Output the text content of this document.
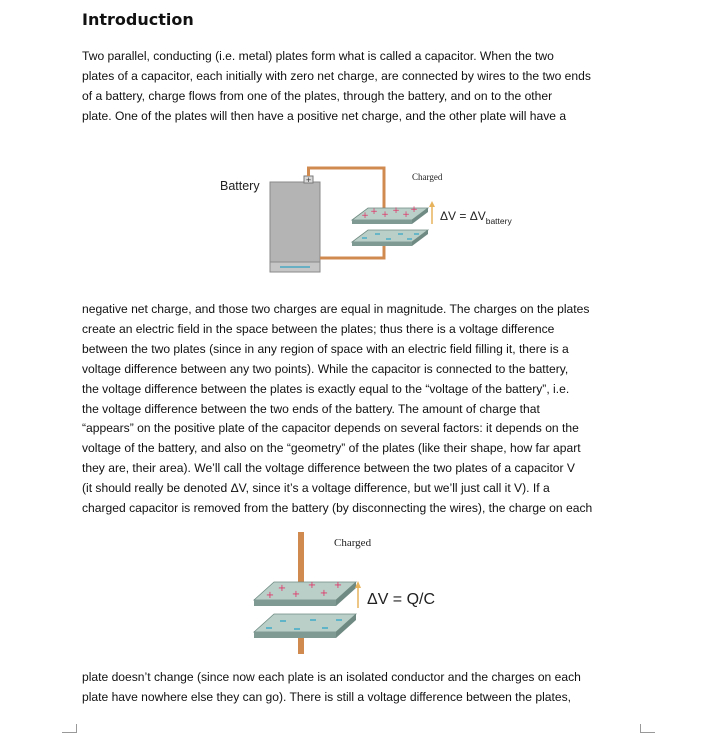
Introduction

Two parallel, conducting (i.e. metal) plates form what is called a capacitor. When the two
plates of a capacitor, each initially with zero net charge, are connected by wires to the two ends
of a battery, charge flows from one of the plates, through the battery, and on to the other
plate. One of the plates will then have a positive net charge, and the other plate will have a

Battery	+
+ + + + + +
Charged
$\Delta V = \Delta V_{battery}$

negative net charge, and those two charges are equal in magnitude. The charges on the plates
create an electric field in the space between the plates; thus there is a voltage difference
between the two plates (since in any region of space with an electric field filling it, there is a
voltage difference between any two points). While the capacitor is connected to the battery,
the voltage difference between the plates is exactly equal to the “voltage of the battery”, i.e.
the voltage difference between the two ends of the battery. The amount of charge that
“appears” on the positive plate of the capacitor depends on several factors: it depends on the
voltage of the battery, and also on the “geometry” of the plates (like their shape, how far apart
they are, their area). We’ll call the voltage difference between the two plates of a capacitor V
(it should really be denoted ΔV, since it’s a voltage difference, but we’ll just call it V). If a
charged capacitor is removed from the battery (by disconnecting the wires), the charge on each

+
+
+
+
+
+
Charged
ΔV = Q/C

plate doesn’t change (since now each plate is an isolated conductor and the charges on each
plate have nowhere else they can go). There is still a voltage difference between the plates,
